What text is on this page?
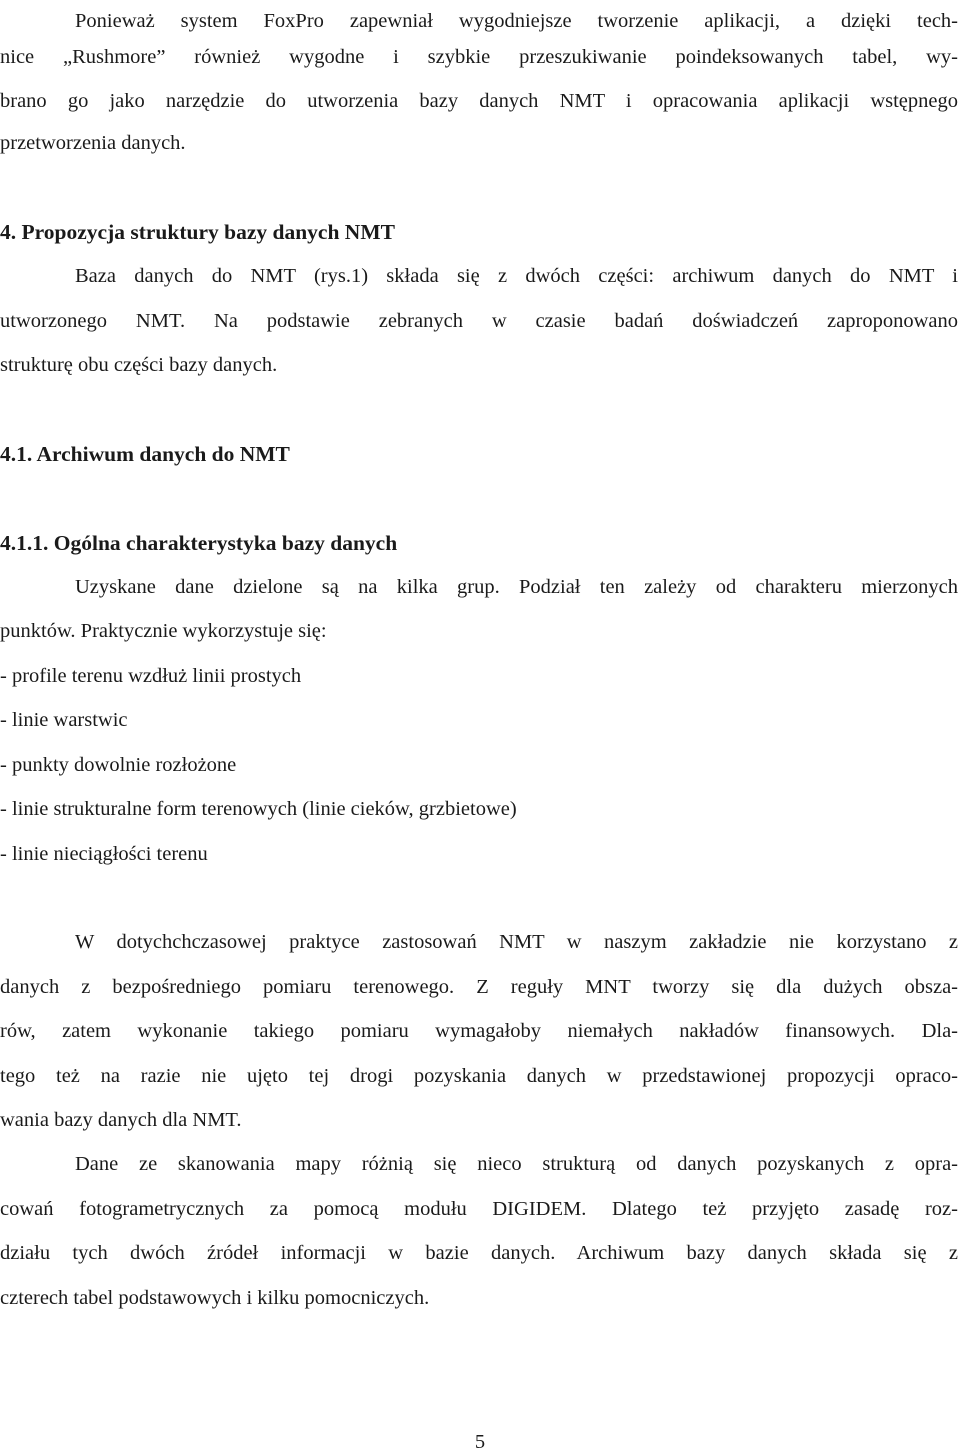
Ponieważ system FoxPro zapewniał wygodniejsze tworzenie aplikacji, a dzięki tech-
nice „Rushmore” również wygodne i szybkie przeszukiwanie poindeksowanych tabel, wy-
brano go jako narzędzie do utworzenia bazy danych NMT i opracowania aplikacji wstępnego
przetworzenia danych.
4. Propozycja struktury bazy danych NMT
Baza danych do NMT (rys.1) składa się z dwóch części: archiwum danych do NMT i
utworzonego NMT. Na podstawie zebranych w czasie badań doświadczeń zaproponowano
strukturę obu części bazy danych.
4.1. Archiwum danych do NMT
4.1.1. Ogólna charakterystyka bazy danych
Uzyskane dane dzielone są na kilka grup. Podział ten zależy od charakteru mierzonych
punktów. Praktycznie wykorzystuje się:
- profile terenu wzdłuż linii prostych
- linie warstwic
- punkty dowolnie rozłożone
- linie strukturalne form terenowych (linie cieków, grzbietowe)
- linie nieciągłości terenu
W dotychchczasowej praktyce zastosowań NMT w naszym zakładzie nie korzystano z
danych z bezpośredniego pomiaru terenowego. Z reguły MNT tworzy się dla dużych obsza-
rów, zatem wykonanie takiego pomiaru wymagałoby niemałych nakładów finansowych. Dla-
tego też na razie nie ujęto tej drogi pozyskania danych w przedstawionej propozycji opraco-
wania bazy danych dla NMT.
Dane ze skanowania mapy różnią się nieco strukturą od danych pozyskanych z opra-
cowań fotogrametrycznych za pomocą modułu DIGIDEM. Dlatego też przyjęto zasadę roz-
działu tych dwóch źródeł informacji w bazie danych. Archiwum bazy danych składa się z
czterech tabel podstawowych i kilku pomocniczych.
5
